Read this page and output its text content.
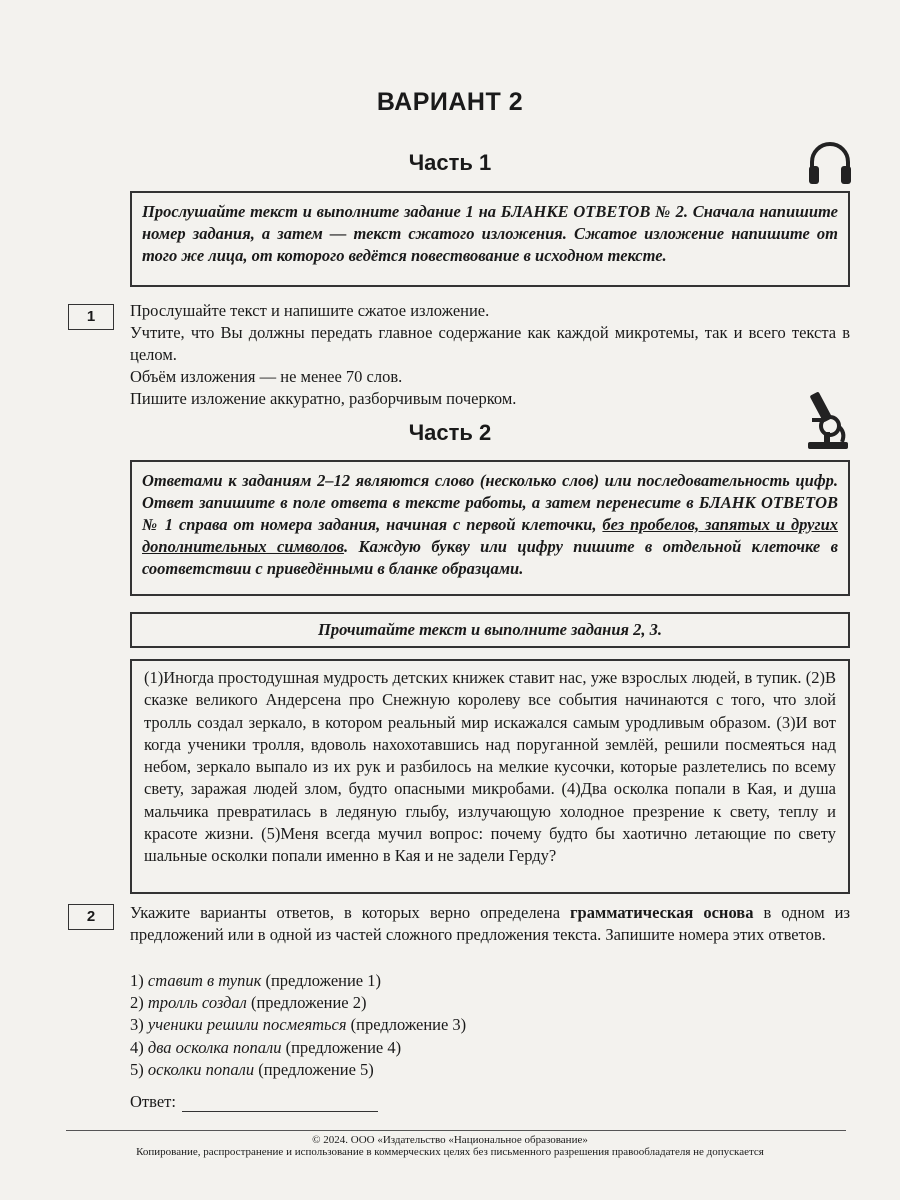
ВАРИАНТ 2
Часть 1

Прослушайте текст и выполните задание 1 на БЛАНКЕ ОТВЕТОВ № 2. Сначала напишите номер задания, а затем — текст сжатого изложения. Сжатое изложение напишите от того же лица, от которого ведётся повествование в исходном тексте.

1	Прослушайте текст и напишите сжатое изложение.

Учтите, что Вы должны передать главное содержание как каждой микротемы, так и всего текста в целом.

Объём изложения — не менее 70 слов.

Пишите изложение аккуратно, разборчивым почерком.

Часть 2

Ответами к заданиям 2–12 являются слово (несколько слов) или последовательность цифр. Ответ запишите в поле ответа в тексте работы, а затем перенесите в БЛАНК ОТВЕТОВ № 1 справа от номера задания, начиная с первой клеточки, без пробелов, запятых и других дополнительных символов. Каждую букву или цифру пишите в отдельной клеточке в соответствии с приведёнными в бланке образцами.

Прочитайте текст и выполните задания 2, 3.
(1)Иногда простодушная мудрость детских книжек ставит нас, уже взрослых людей, в тупик. (2)В сказке великого Андерсена про Снежную королеву все события начинаются с того, что злой тролль создал зеркало, в котором реальный мир искажался самым уродливым образом. (3)И вот когда ученики тролля, вдоволь нахохотавшись над поруганной землёй, решили посмеяться над небом, зеркало выпало из их рук и разбилось на мелкие кусочки, которые разлетелись по всему свету, заражая людей злом, будто опасными микробами. (4)Два осколка попали в Кая, и душа мальчика превратилась в ледяную глыбу, излучающую холодное презрение к свету, теплу и красоте жизни. (5)Меня всегда мучил вопрос: почему будто бы хаотично летающие по свету шальные осколки попали именно в Кая и не задели Герду?
2	Укажите варианты ответов, в которых верно определена грамматическая основа в одном из предложений или в одной из частей сложного предложения текста. Запишите номера этих ответов.

1) ставит в тупик (предложение 1)
2) тролль создал (предложение 2)
3) ученики решили посмеяться (предложение 3)
4) два осколка попали (предложение 4)
5) осколки попали (предложение 5)
Ответ:
© 2024. ООО «Издательство «Национальное образование»
Копирование, распространение и использование в коммерческих целях без письменного разрешения правообладателя не допускается
